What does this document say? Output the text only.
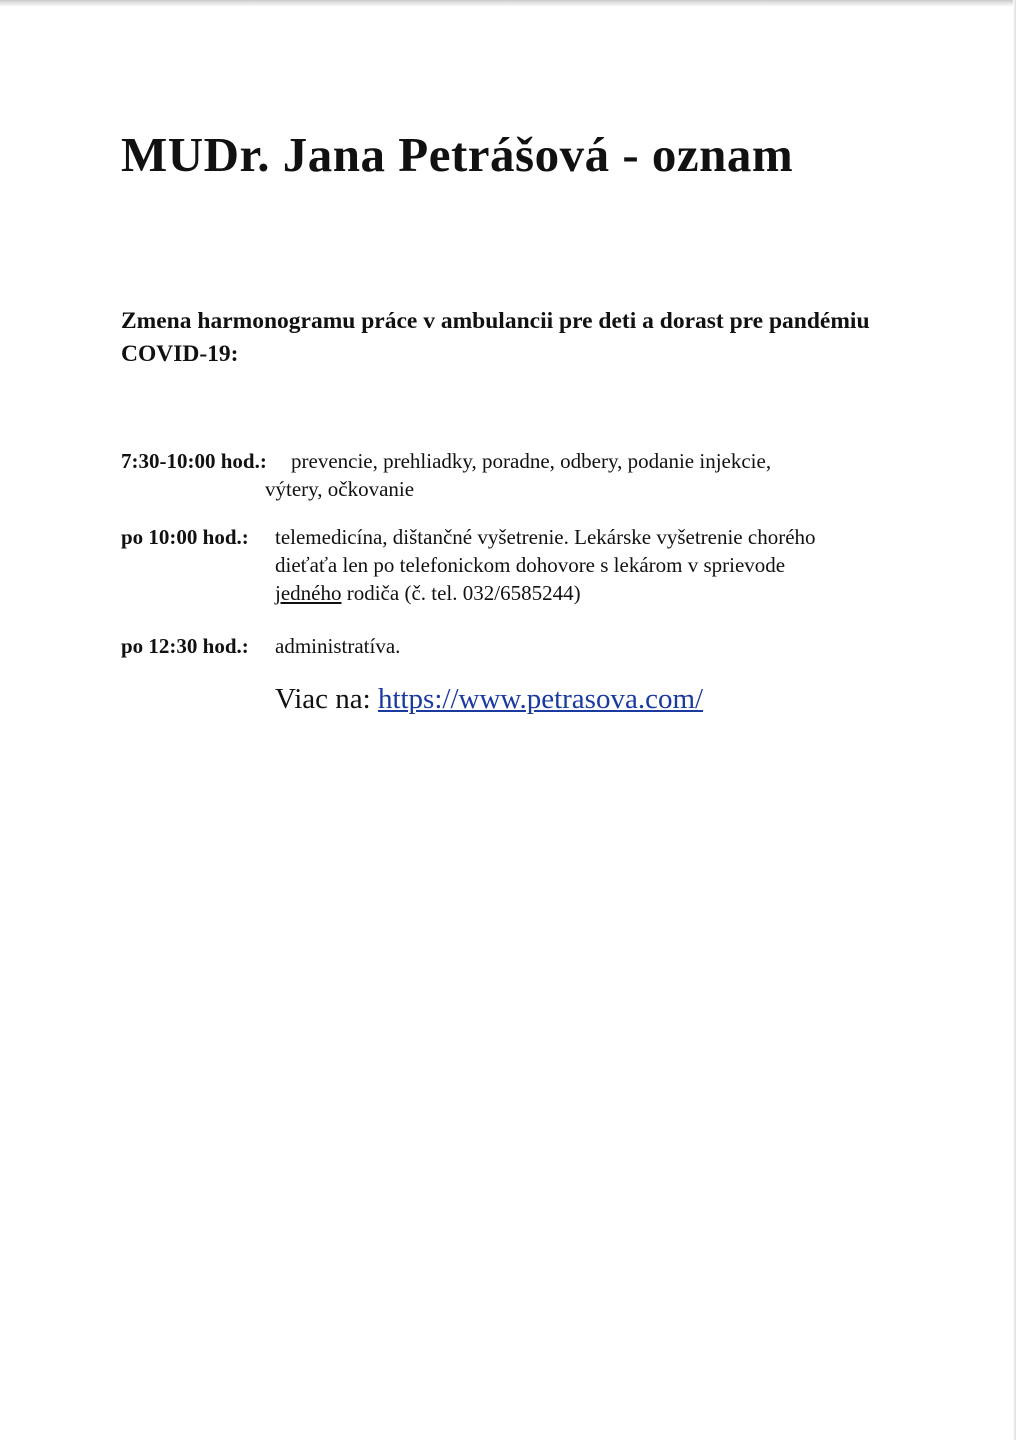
MUDr. Jana Petrášová - oznam

Zmena harmonogramu práce v ambulancii pre deti a dorast pre pandémiu COVID-19:

7:30-10:00 hod.: prevencie, prehliadky, poradne, odbery, podanie injekcie,
výtery, očkovanie
po 10:00 hod.: telemedicína, dištančné vyšetrenie. Lekárske vyšetrenie chorého
dieťaťa len po telefonickom dohovore s lekárom v sprievode
jedného rodiča (č. tel. 032/6585244)
po 12:30 hod.: administratíva.
Viac na: https://www.petrasova.com/
